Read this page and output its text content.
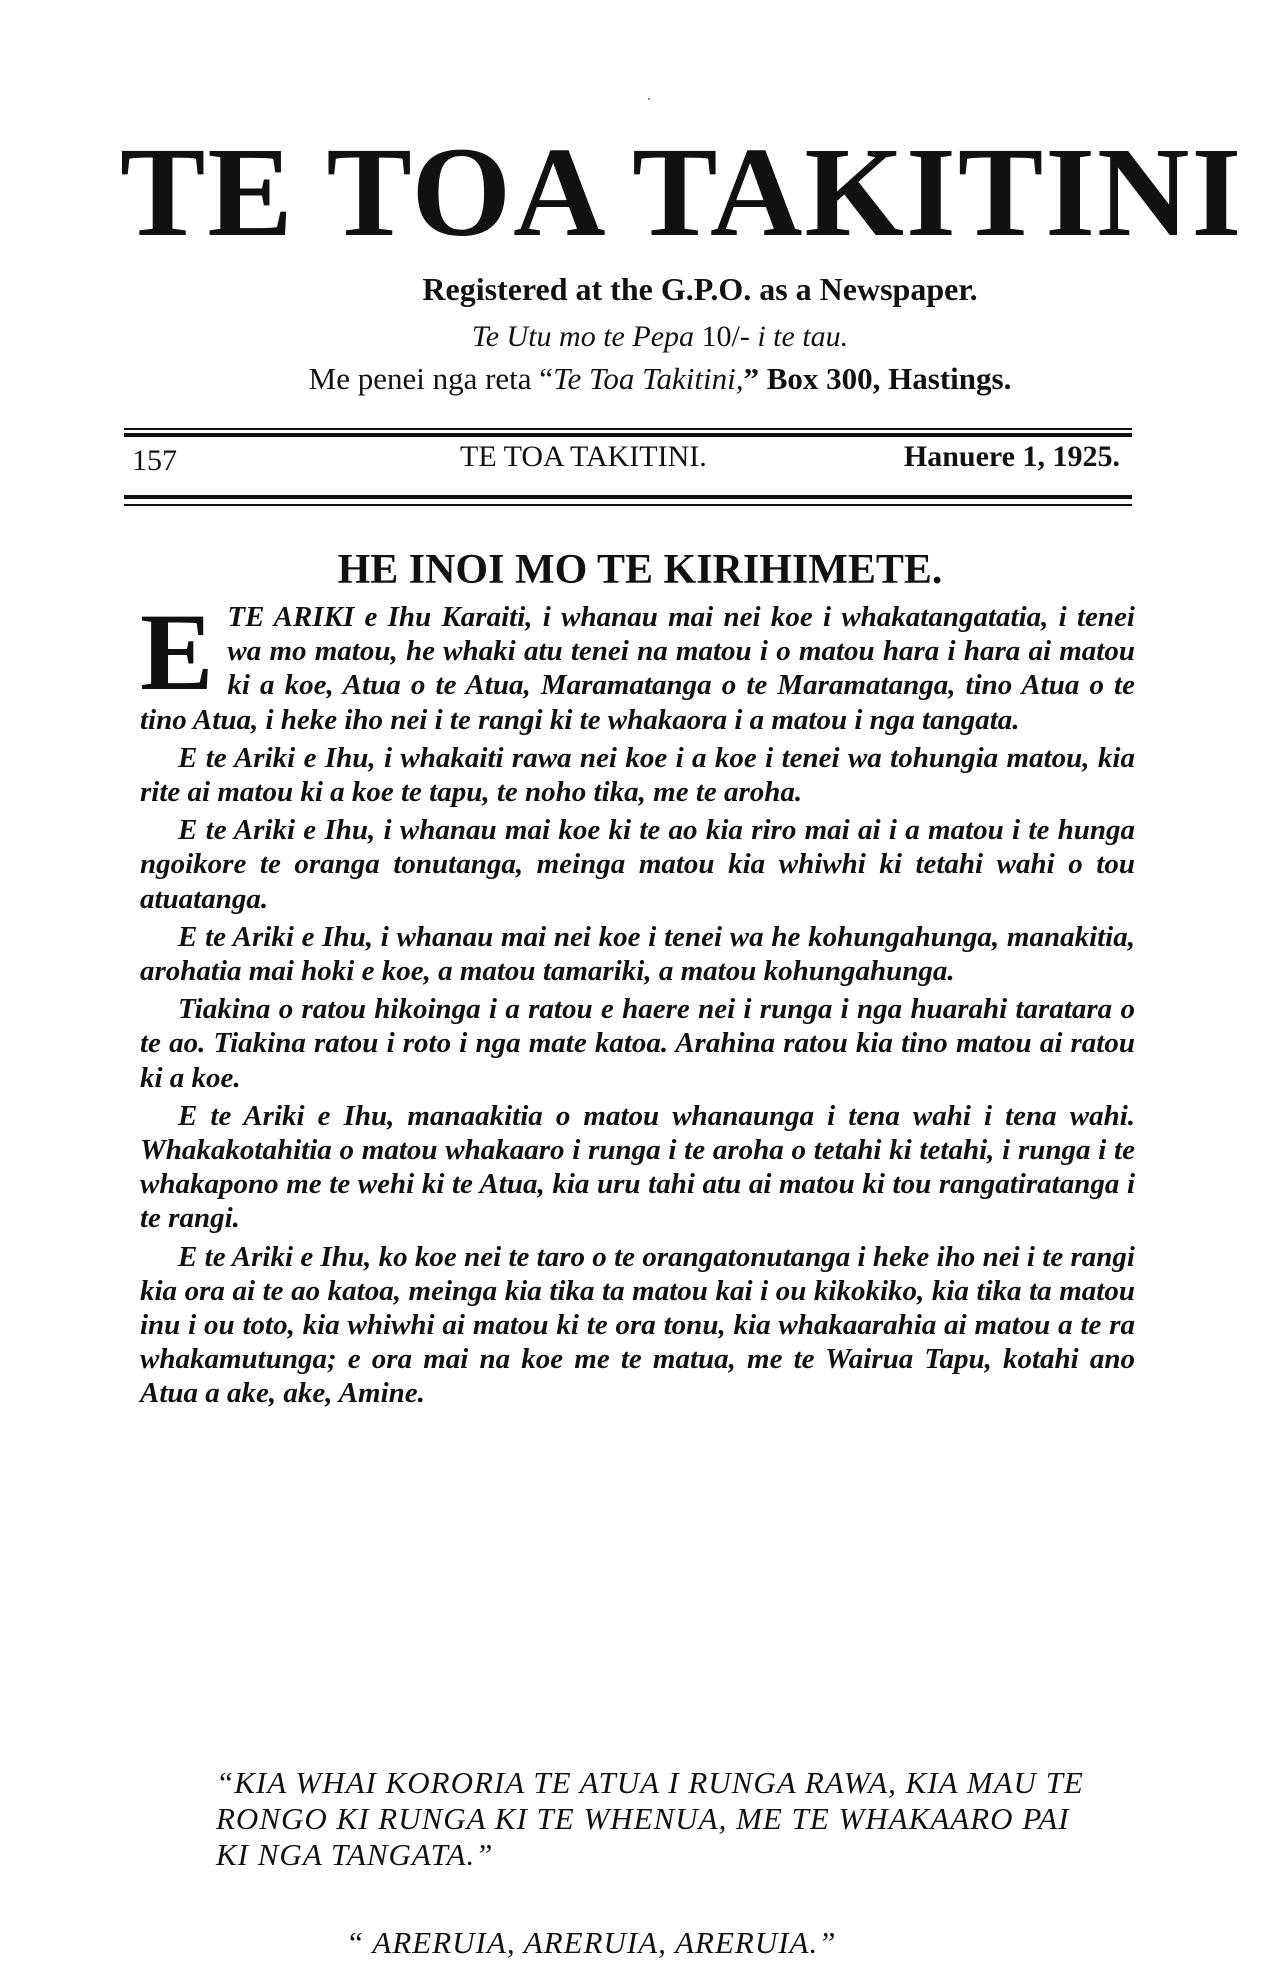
TE TOA TAKITINI
Registered at the G.P.O. as a Newspaper.
Te Utu mo te Pepa 10/- i te tau.
Me penei nga reta “Te Toa Takitini,” Box 300, Hastings.
157	TE TOA TAKITINI.	Hanuere 1, 1925.
HE INOI MO TE KIRIHIMETE.

ETE ARIKI e Ihu Karaiti, i whanau mai nei koe i whakatangatatia, i tenei wa mo matou, he whaki atu tenei na matou i o matou hara i hara ai matou ki a koe, Atua o te Atua, Maramatanga o te Maramatanga, tino Atua o te tino Atua, i heke iho nei i te rangi ki te whakaora i a matou i nga tangata.

E te Ariki e Ihu, i whakaiti rawa nei koe i a koe i tenei wa tohungia matou, kia rite ai matou ki a koe te tapu, te noho tika, me te aroha.

E te Ariki e Ihu, i whanau mai koe ki te ao kia riro mai ai i a matou i te hunga ngoikore te oranga tonutanga, meinga matou kia whiwhi ki tetahi wahi o tou atuatanga.

E te Ariki e Ihu, i whanau mai nei koe i tenei wa he kohungahunga, manakitia, arohatia mai hoki e koe, a matou tamariki, a matou kohungahunga.

Tiakina o ratou hikoinga i a ratou e haere nei i runga i nga huarahi taratara o te ao. Tiakina ratou i roto i nga mate katoa. Arahina ratou kia tino matou ai ratou ki a koe.

E te Ariki e Ihu, manaakitia o matou whanaunga i tena wahi i tena wahi. Whakakotahitia o matou whakaaro i runga i te aroha o tetahi ki tetahi, i runga i te whakapono me te wehi ki te Atua, kia uru tahi atu ai matou ki tou rangatiratanga i te rangi.

E te Ariki e Ihu, ko koe nei te taro o te orangatonutanga i heke iho nei i te rangi kia ora ai te ao katoa, meinga kia tika ta matou kai i ou kikokiko, kia tika ta matou inu i ou toto, kia whiwhi ai matou ki te ora tonu, kia whakaarahia ai matou a te ra whakamutunga; e ora mai na koe me te matua, me te Wairua Tapu, kotahi ano Atua a ake, ake, Amine.

“KIA WHAI KORORIA TE ATUA I RUNGA RAWA, KIA MAU TE RONGO KI RUNGA KI TE WHENUA, ME TE WHAKAARO PAI KI NGA TANGATA.”

“ ARERUIA, ARERUIA, ARERUIA.”
